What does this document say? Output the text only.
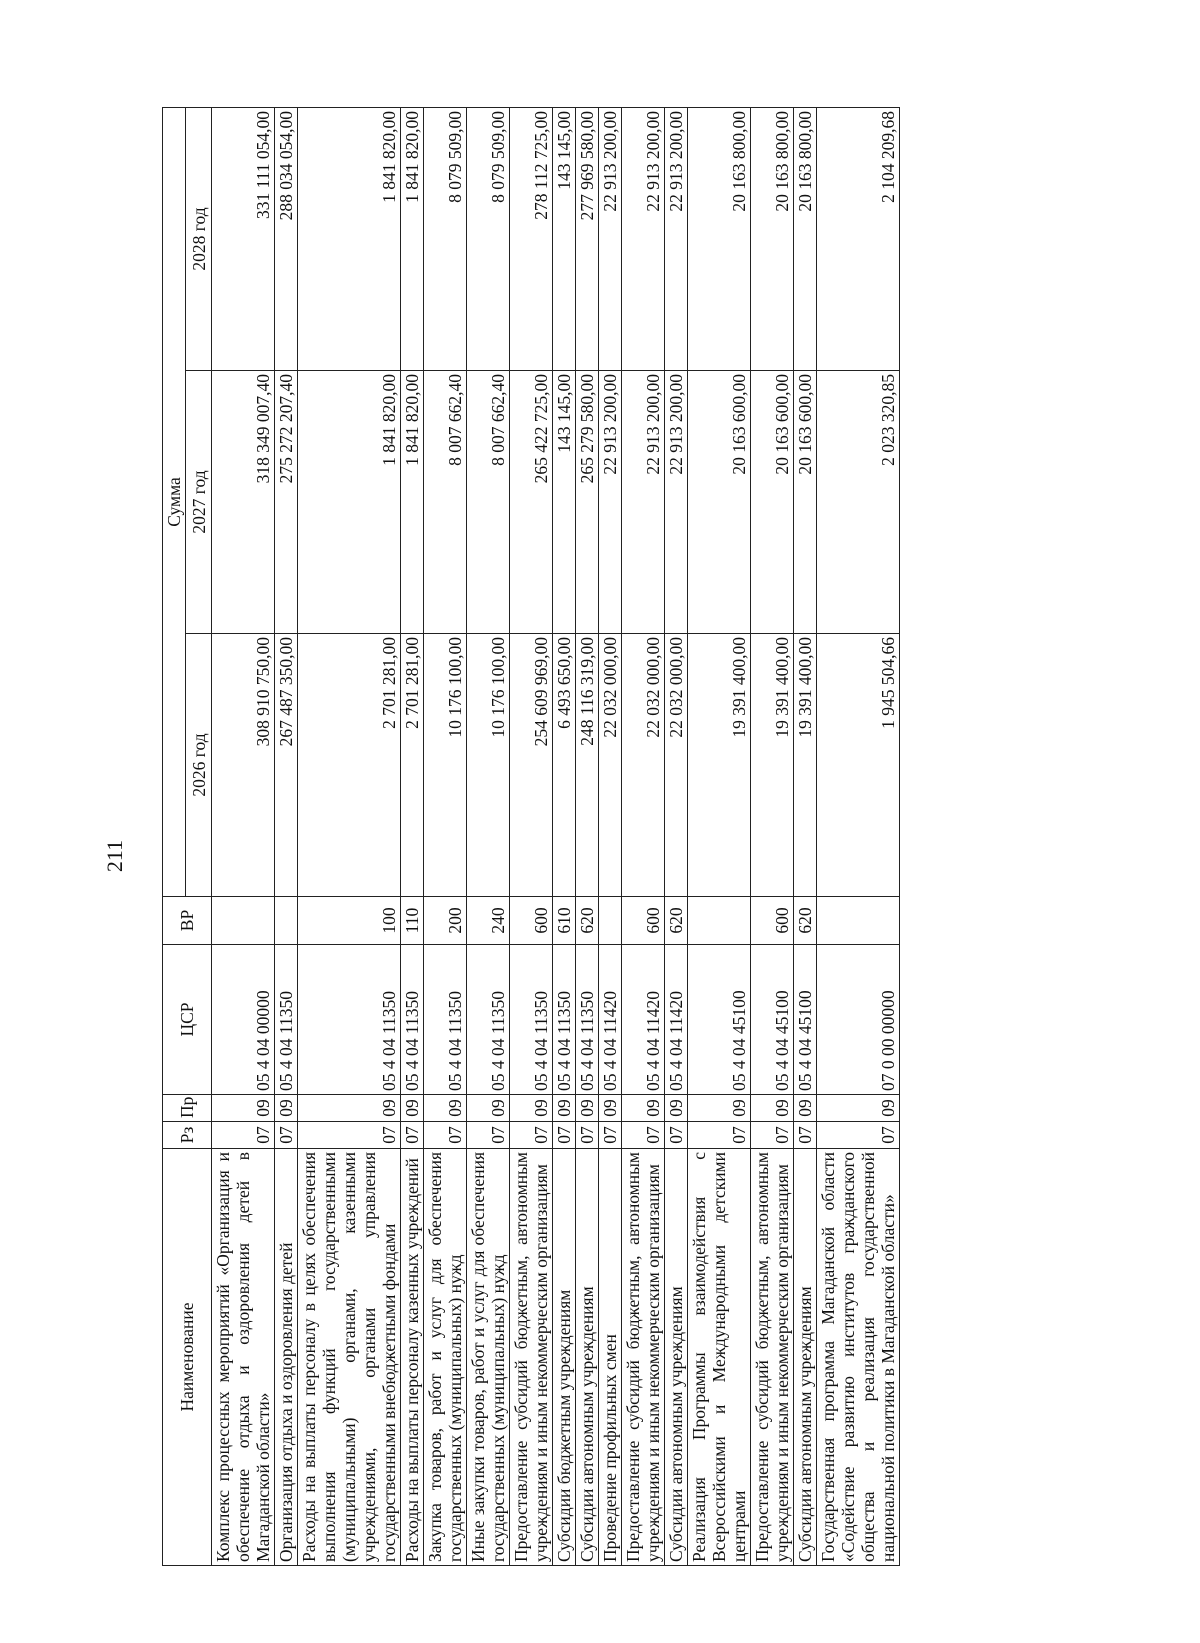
211
Наименование	Рз	Пр	ЦСР	ВР	Сумма		
					2026 год	2027 год	2028 год
Комплекс процессных мероприятий «Организация и обеспечение отдыха и оздоровления детей в Магаданской области»	07	09	05 4 04 00000		308 910 750,00	318 349 007,40	331 111 054,00
Организация отдыха и оздоровления детей	07	09	05 4 04 11350		267 487 350,00	275 272 207,40	288 034 054,00
Расходы на выплаты персоналу в целях обеспечения выполнения функций государственными (муниципальными) органами, казенными учреждениями, органами управления государственными внебюджетными фондами	07	09	05 4 04 11350	100	2 701 281,00	1 841 820,00	1 841 820,00
Расходы на выплаты персоналу казенных учреждений	07	09	05 4 04 11350	110	2 701 281,00	1 841 820,00	1 841 820,00
Закупка товаров, работ и услуг для обеспечения государственных (муниципальных) нужд	07	09	05 4 04 11350	200	10 176 100,00	8 007 662,40	8 079 509,00
Иные закупки товаров, работ и услуг для обеспечения государственных (муниципальных) нужд	07	09	05 4 04 11350	240	10 176 100,00	8 007 662,40	8 079 509,00
Предоставление субсидий бюджетным, автономным учреждениям и иным некоммерческим организациям	07	09	05 4 04 11350	600	254 609 969,00	265 422 725,00	278 112 725,00
Субсидии бюджетным учреждениям	07	09	05 4 04 11350	610	6 493 650,00	143 145,00	143 145,00
Субсидии автономным учреждениям	07	09	05 4 04 11350	620	248 116 319,00	265 279 580,00	277 969 580,00
Проведение профильных смен	07	09	05 4 04 11420		22 032 000,00	22 913 200,00	22 913 200,00
Предоставление субсидий бюджетным, автономным учреждениям и иным некоммерческим организациям	07	09	05 4 04 11420	600	22 032 000,00	22 913 200,00	22 913 200,00
Субсидии автономным учреждениям	07	09	05 4 04 11420	620	22 032 000,00	22 913 200,00	22 913 200,00
Реализация Программы взаимодействия с Всероссийскими и Международными детскими центрами	07	09	05 4 04 45100		19 391 400,00	20 163 600,00	20 163 800,00
Предоставление субсидий бюджетным, автономным учреждениям и иным некоммерческим организациям	07	09	05 4 04 45100	600	19 391 400,00	20 163 600,00	20 163 800,00
Субсидии автономным учреждениям	07	09	05 4 04 45100	620	19 391 400,00	20 163 600,00	20 163 800,00
Государственная программа Магаданской области «Содействие развитию институтов гражданского общества и реализация государственной национальной политики в Магаданской области»	07	09	07 0 00 00000		1 945 504,66	2 023 320,85	2 104 209,68
